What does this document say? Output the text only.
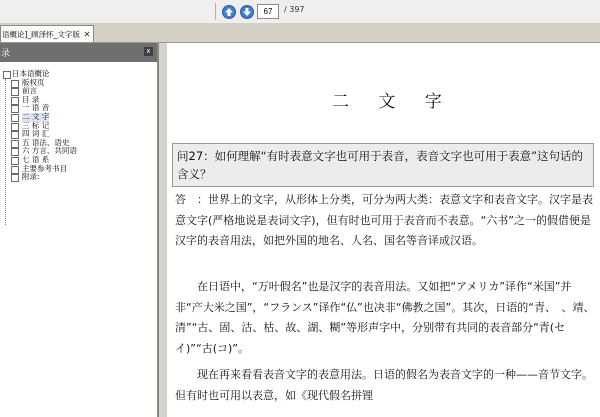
67
/ 397
语概论]_顾泽怀_文字版 ✕
录	x
日本语概论
版权页
前言
目 录
一 语 音
二 文 字
三 标 记
四 词 汇
五 语法、语史
六 方言、共同语
七 语 系
主要参考书目
附录:
二 文 字
问27：如何理解“有时表意文字也可用于表音，表音文字也可用于表意”这句话的含义？
答　：世界上的文字，从形体上分类，可分为两大类：表意文字和表音文字。汉字是表意文字(严格地说是表词文字)，但有时也可用于表音而不表意。“六书”之一的假借便是汉字的表音用法，如把外国的地名、人名、国名等音译成汉语。
在日语中，“万叶假名”也是汉字的表音用法。又如把“アメリカ”译作“米国”并非“产大米之国”，“フランス”译作“仏”也决非“佛教之国”。其次，日语的“青、　、靖、清”“古、固、沽、枯、故、湖、糊”等形声字中，分别带有共同的表音部分“青(セイ)”“古(コ)”。
现在再来看看表音文字的表意用法。日语的假名为表音文字的一种——音节文字。但有时也可用以表意，如《现代假名拼锂
